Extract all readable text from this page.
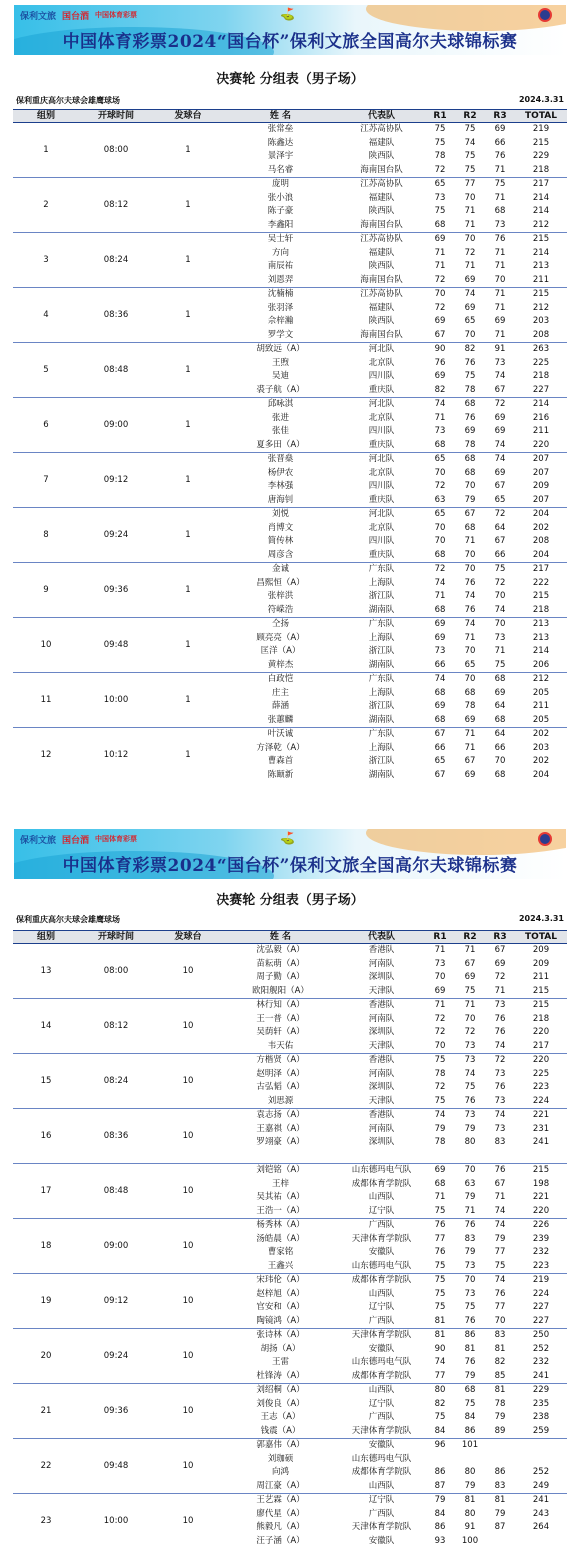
保利文旅 国台酒 中国体育彩票	⛳
中国体育彩票2024“国台杯”保利文旅全国高尔夫球锦标赛
决赛轮 分组表（男子场）
保利重庆高尔夫球会雄鹰球场	2024.3.31
组别	开球时间	发球台	姓 名	代表队	R1	R2	R3	TOTAL
1	08:00	1	张常垒	江苏高协队	75	75	69	219
			陈鑫达	福建队	75	74	66	215
			景泽宇	陕西队	78	75	76	229
			马名睿	海南国台队	72	75	71	218
2	08:12	1	庞明	江苏高协队	65	77	75	217
			张小浪	福建队	73	70	71	214
			陈子豪	陕西队	75	71	68	214
			李鑫阳	海南国台队	68	71	73	212
3	08:24	1	吴士轩	江苏高协队	69	70	76	215
			方向	福建队	71	72	71	214
			南辰祐	陕西队	71	71	71	213
			刘恩羿	海南国台队	72	69	70	211
4	08:36	1	沈楠楠	江苏高协队	70	74	71	215
			张羽泽	福建队	72	69	71	212
			佘梓瀚	陕西队	69	65	69	203
			罗学文	海南国台队	67	70	71	208
5	08:48	1	胡致远（A）	河北队	90	82	91	263
			王煦	北京队	76	76	73	225
			吴迪	四川队	69	75	74	218
			裘子航（A）	重庆队	82	78	67	227
6	09:00	1	邱咏淇	河北队	74	68	72	214
			张进	北京队	71	76	69	216
			张佳	四川队	73	69	69	211
			夏多田（A）	重庆队	68	78	74	220
7	09:12	1	张晋燊	河北队	65	68	74	207
			杨伊农	北京队	70	68	69	207
			李林强	四川队	72	70	67	209
			唐海钊	重庆队	63	79	65	207
8	09:24	1	刘悦	河北队	65	67	72	204
			肖博文	北京队	70	68	64	202
			简传林	四川队	70	71	67	208
			周彦含	重庆队	68	70	66	204
9	09:36	1	金诚	广东队	72	70	75	217
			昌熙恒（A）	上海队	74	76	72	222
			张梓洪	浙江队	71	74	70	215
			符嵘浩	湖南队	68	76	74	218
10	09:48	1	仝扬	广东队	69	74	70	213
			顾亮亮（A）	上海队	69	71	73	213
			匡洋（A）	浙江队	73	70	71	214
			黄梓杰	湖南队	66	65	75	206
11	10:00	1	白政恺	广东队	74	70	68	212
			庄主	上海队	68	68	69	205
			薛涵	浙江队	69	78	64	211
			张蕙麟	湖南队	68	69	68	205
12	10:12	1	叶沃诚	广东队	67	71	64	202
			方泽乾（A）	上海队	66	71	66	203
			曹森首	浙江队	65	67	70	202
			陈颐新	湖南队	67	69	68	204
保利文旅 国台酒 中国体育彩票	⛳
中国体育彩票2024“国台杯”保利文旅全国高尔夫球锦标赛
决赛轮 分组表（男子场）
保利重庆高尔夫球会雄鹰球场	2024.3.31
组别	开球时间	发球台	姓 名	代表队	R1	R2	R3	TOTAL
13	08:00	10	沈弘毅（A）	香港队	71	71	67	209
			苗耘萌（A）	河南队	73	67	69	209
			周子勤（A）	深圳队	70	69	72	211
			欧阳舰阳（A）	天津队	69	75	71	215
14	08:12	10	林行知（A）	香港队	71	71	73	215
			王一普（A）	河南队	72	70	76	218
			吴荫轩（A）	深圳队	72	72	76	220
			韦天佑	天津队	70	73	74	217
15	08:24	10	方楷贤（A）	香港队	75	73	72	220
			赵明泽（A）	河南队	78	74	73	225
			古弘韬（A）	深圳队	72	75	76	223
			刘思源	天津队	75	76	73	224
16	08:36	10	袁志扬（A）	香港队	74	73	74	221
			王嘉祺（A）	河南队	79	79	73	231
			罗翊豪（A）	深圳队	78	80	83	241

17	08:48	10	刘铠铭（A）	山东德玛电气队	69	70	76	215
			王梓	成都体育学院队	68	63	67	198
			吴其祐（A）	山西队	71	79	71	221
			王浩一（A）	辽宁队	75	71	74	220
18	09:00	10	杨秀林（A）	广西队	76	76	74	226
			汤皓晨（A）	天津体育学院队	77	83	79	239
			曹家铭	安徽队	76	79	77	232
			王鑫兴	山东德玛电气队	75	73	75	223
19	09:12	10	宋玮伦（A）	成都体育学院队	75	70	74	219
			赵梓旭（A）	山西队	75	73	76	224
			官安和（A）	辽宁队	75	75	77	227
			陶镜鸿（A）	广西队	81	76	70	227
20	09:24	10	张诗林（A）	天津体育学院队	81	86	83	250
			胡扬（A）	安徽队	90	81	81	252
			王雷	山东德玛电气队	74	76	82	232
			杜锋涛（A）	成都体育学院队	77	79	85	241
21	09:36	10	刘绍桐（A）	山西队	80	68	81	229
			刘俊良（A）	辽宁队	82	75	78	235
			王志（A）	广西队	75	84	79	238
			钱震（A）	天津体育学院队	84	86	89	259
22	09:48	10	郭嘉伟（A）	安徽队	96	101		
			刘珈硕	山东德玛电气队				
			向鸿	成都体育学院队	86	80	86	252
			周江豪（A）	山西队	87	79	83	249
23	10:00	10	王艺霖（A）	辽宁队	79	81	81	241
			廖代星（A）	广西队	84	80	79	243
			熊毅凡（A）	天津体育学院队	86	91	87	264
			汪子涵（A）	安徽队	93	100		
